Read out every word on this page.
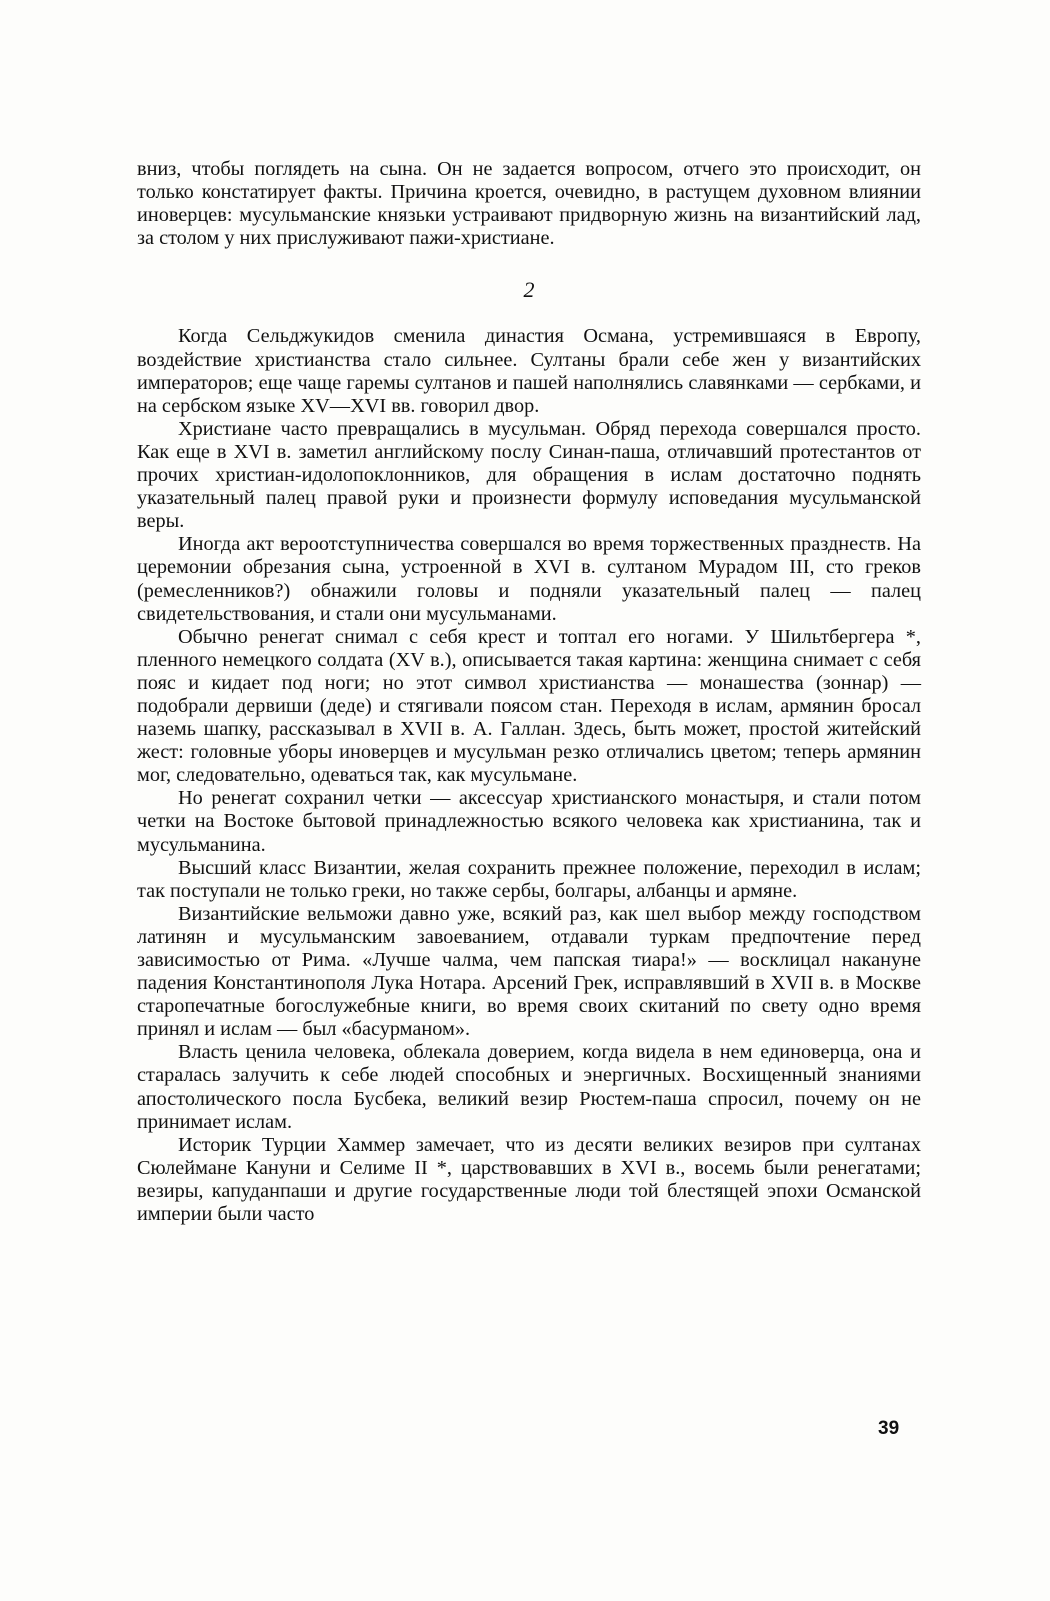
вниз, чтобы поглядеть на сына. Он не задается вопросом, отчего это происходит, он только констатирует факты. Причина кроется, очевидно, в растущем духовном влиянии иноверцев: мусульманские князьки устраивают придворную жизнь на византийский лад, за столом у них прислуживают пажи-христиане.

2

Когда Сельджукидов сменила династия Османа, устремившаяся в Европу, воздействие христианства стало сильнее. Султаны брали себе жен у византийских императоров; еще чаще гаремы султанов и пашей наполнялись славянками — сербками, и на сербском языке XV—XVI вв. говорил двор.

Христиане часто превращались в мусульман. Обряд перехода совершался просто. Как еще в XVI в. заметил английскому послу Синан-паша, отличавший протестантов от прочих христиан-идолопоклонников, для обращения в ислам достаточно поднять указательный палец правой руки и произнести формулу исповедания мусульманской веры.

Иногда акт вероотступничества совершался во время торжественных празднеств. На церемонии обрезания сына, устроенной в XVI в. султаном Мурадом III, сто греков (ремесленников?) обнажили головы и подняли указательный палец — палец свидетельствования, и стали они мусульманами.

Обычно ренегат снимал с себя крест и топтал его ногами. У Шильтбергера *, пленного немецкого солдата (XV в.), описывается такая картина: женщина снимает с себя пояс и кидает под ноги; но этот символ христианства — монашества (зоннар) — подобрали дервиши (деде) и стягивали поясом стан. Переходя в ислам, армянин бросал наземь шапку, рассказывал в XVII в. А. Галлан. Здесь, быть может, простой житейский жест: головные уборы иноверцев и мусульман резко отличались цветом; теперь армянин мог, следовательно, одеваться так, как мусульмане.

Но ренегат сохранил четки — аксессуар христианского монастыря, и стали потом четки на Востоке бытовой принадлежностью всякого человека как христианина, так и мусульманина.

Высший класс Византии, желая сохранить прежнее положение, переходил в ислам; так поступали не только греки, но также сербы, болгары, албанцы и армяне.

Византийские вельможи давно уже, всякий раз, как шел выбор между господством латинян и мусульманским завоеванием, отдавали туркам предпочтение перед зависимостью от Рима. «Лучше чалма, чем папская тиара!» — восклицал накануне падения Константинополя Лука Нотара. Арсений Грек, исправлявший в XVII в. в Москве старопечатные богослужебные книги, во время своих скитаний по свету одно время принял и ислам — был «басурманом».

Власть ценила человека, облекала доверием, когда видела в нем единоверца, она и старалась залучить к себе людей способных и энергичных. Восхищенный знаниями апостолического посла Бусбека, великий везир Рюстем-паша спросил, почему он не принимает ислам.

Историк Турции Хаммер замечает, что из десяти великих везиров при султанах Сюлеймане Кануни и Селиме II *, царствовавших в XVI в., восемь были ренегатами; везиры, капуданпаши и другие государственные люди той блестящей эпохи Османской империи были часто

39
